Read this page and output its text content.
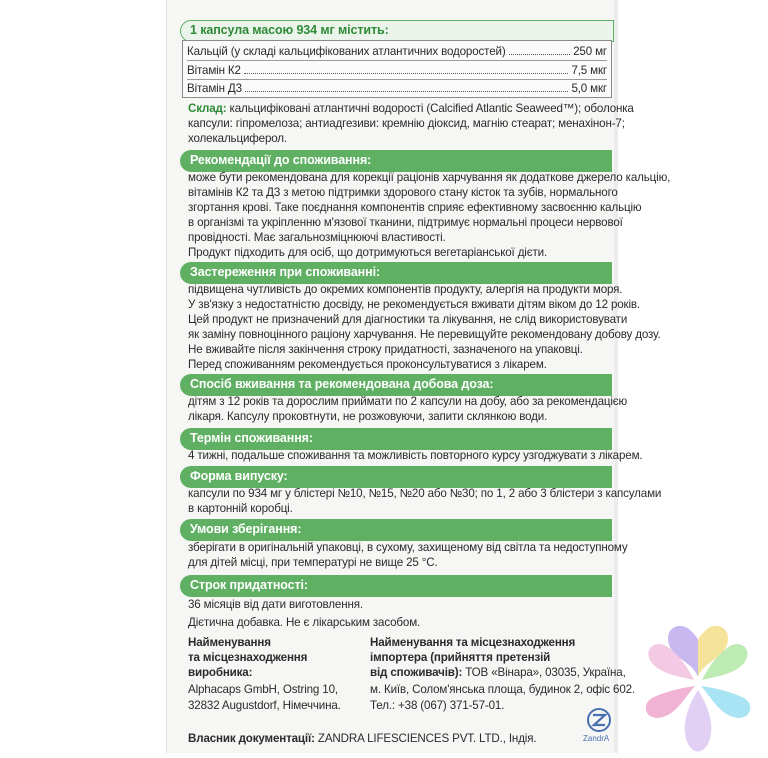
1 капсула масою 934 мг містить:
Кальцій (у складі кальцифікованих атлантичних водоростей)	250 мг
Вітамін К2	7,5 мкг
Вітамін Д3	5,0 мкг
Склад: кальцифіковані атлантичні водорості (Calcified Atlantic Seaweed™); оболонка
капсули: гіпромелоза; антиадгезиви: кремнію діоксид, магнію стеарат; менахінон-7;
холекальциферол.
Рекомендації до споживання:
може бути рекомендована для корекції раціонів харчування як додаткове джерело кальцію,
вітамінів К2 та Д3 з метою підтримки здорового стану кісток та зубів, нормального
згортання крові. Таке поєднання компонентів сприяє ефективному засвоєнню кальцію
в організмі та укріпленню м'язової тканини, підтримує нормальні процеси нервової
провідності. Має загальнозміцнюючі властивості.
Продукт підходить для осіб, що дотримуються вегетаріанської дієти.
Застереження при споживанні:
підвищена чутливість до окремих компонентів продукту, алергія на продукти моря.
У зв'язку з недостатністю досвіду, не рекомендується вживати дітям віком до 12 років.
Цей продукт не призначений для діагностики та лікування, не слід використовувати
як заміну повноцінного раціону харчування. Не перевищуйте рекомендовану добову дозу.
Не вживайте після закінчення строку придатності, зазначеного на упаковці.
Перед споживанням рекомендується проконсультуватися з лікарем.
Спосіб вживання та рекомендована добова доза:
дітям з 12 років та дорослим приймати по 2 капсули на добу, або за рекомендацією
лікаря. Капсулу проковтнути, не розжовуючи, запити склянкою води.
Термін споживання:
4 тижні, подальше споживання та можливість повторного курсу узгоджувати з лікарем.
Форма випуску:
капсули по 934 мг у блістері №10, №15, №20 або №30; по 1, 2 або 3 блістери з капсулами
в картонній коробці.
Умови зберігання:
зберігати в оригінальній упаковці, в сухому, захищеному від світла та недоступному
для дітей місці, при температурі не вище 25 °С.
Строк придатності:
36 місяців від дати виготовлення.
Дієтична добавка. Не є лікарським засобом.
Найменування
та місцезнаходження
виробника:
Alphacaps GmbH, Ostring 10,
32832 Augustdorf, Німеччина.
Найменування та місцезнаходження
імпортера (прийняття претензій
від споживачів): ТОВ «Вінара», 03035, Україна,
м. Київ, Солом'янська площа, будинок 2, офіс 602.
Тел.: +38 (067) 371-57-01.
Власник документації: ZANDRA LIFESCIENCES PVT. LTD., Індія.	ZandrA
